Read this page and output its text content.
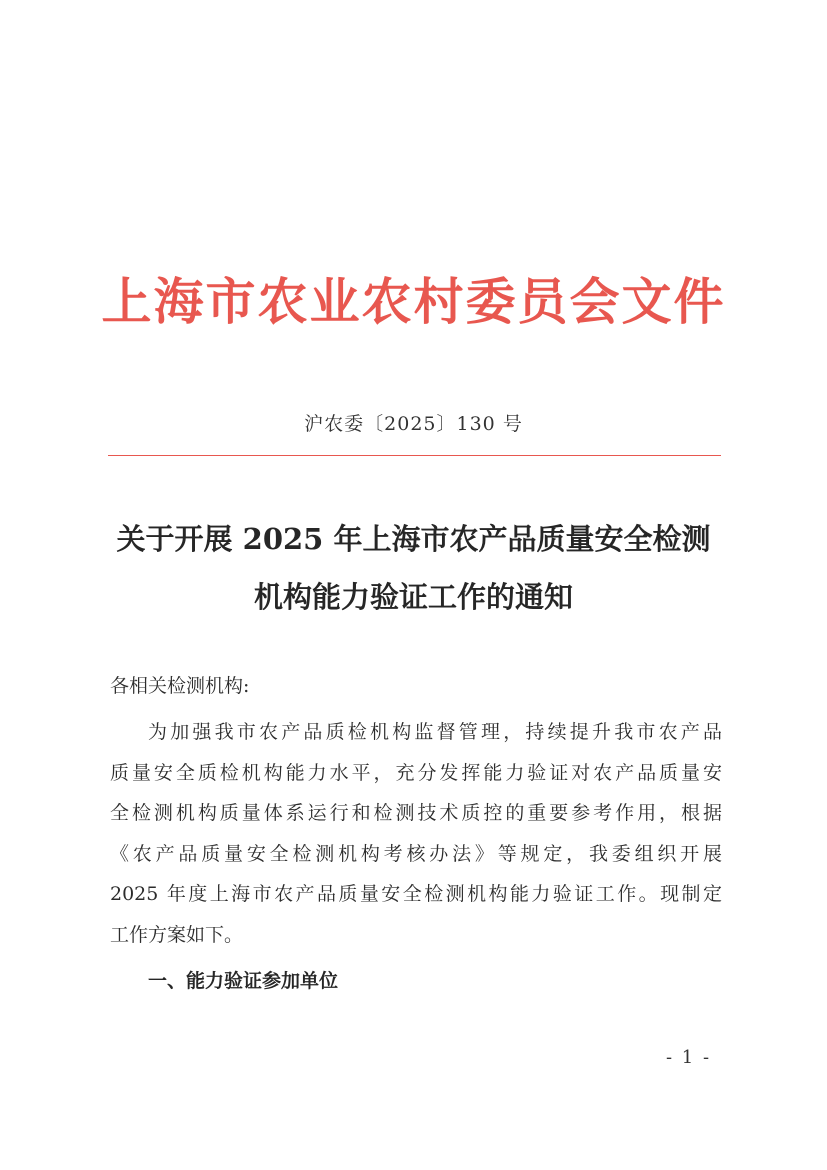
上海市农业农村委员会文件

沪农委〔2025〕130 号

关于开展 2025 年上海市农产品质量安全检测
机构能力验证工作的通知

各相关检测机构:

为加强我市农产品质检机构监督管理，持续提升我市农产品
质量安全质检机构能力水平，充分发挥能力验证对农产品质量安
全检测机构质量体系运行和检测技术质控的重要参考作用，根据
《农产品质量安全检测机构考核办法》等规定，我委组织开展
2025 年度上海市农产品质量安全检测机构能力验证工作。现制定
工作方案如下。

一、能力验证参加单位
- 1 -
